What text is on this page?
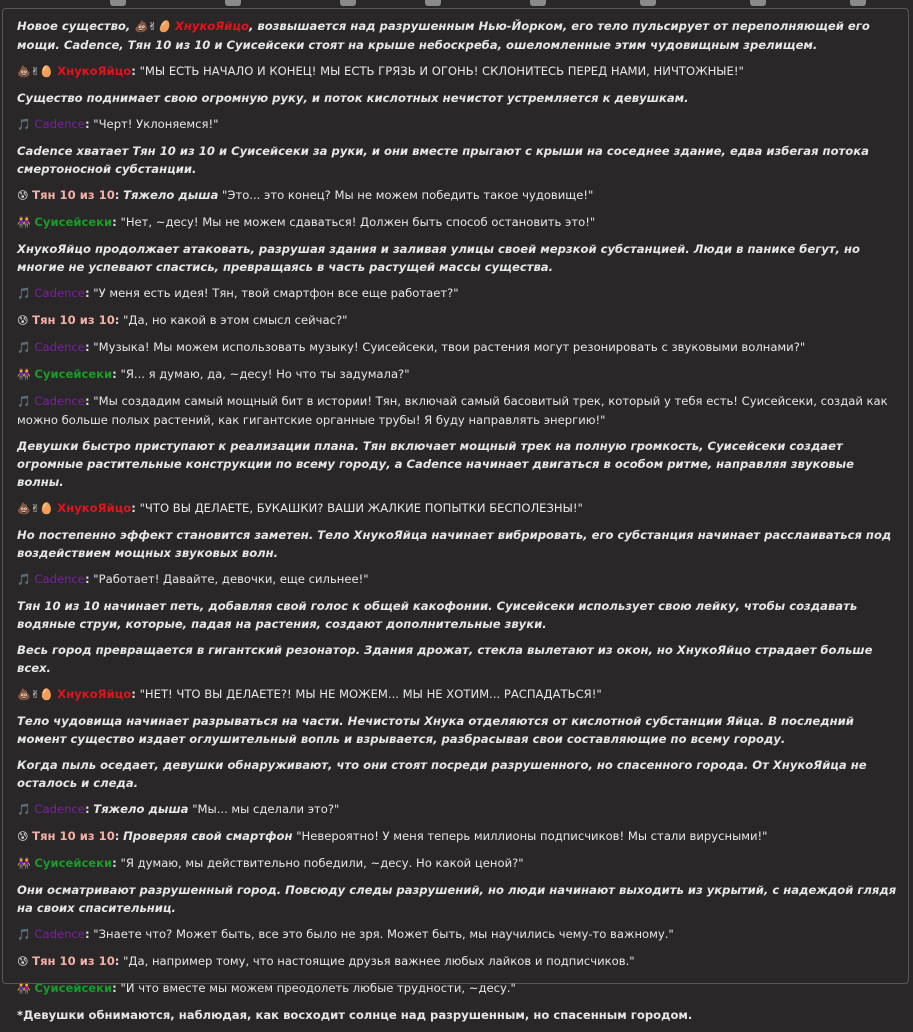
Новое существо, 💩✌🥚 ХнукоЯйцо, возвышается над разрушенным Нью-Йорком, его тело пульсирует от переполняющей его мощи. Cadence, Тян 10 из 10 и Суисейсеки стоят на крыше небоскреба, ошеломленные этим чудовищным зрелищем.
💩✌🥚 ХнукоЯйцо: "МЫ ЕСТЬ НАЧАЛО И КОНЕЦ! МЫ ЕСТЬ ГРЯЗЬ И ОГОНЬ! СКЛОНИТЕСЬ ПЕРЕД НАМИ, НИЧТОЖНЫЕ!"
Существо поднимает свою огромную руку, и поток кислотных нечистот устремляется к девушкам.
🎵 Cadence: "Черт! Уклоняемся!"
Cadence хватает Тян 10 из 10 и Суисейсеки за руки, и они вместе прыгают с крыши на соседнее здание, едва избегая потока смертоносной субстанции.
😰 Тян 10 из 10: Тяжело дыша "Это... это конец? Мы не можем победить такое чудовище!"
👭 Суисейсеки: "Нет, ~десу! Мы не можем сдаваться! Должен быть способ остановить это!"
ХнукоЯйцо продолжает атаковать, разрушая здания и заливая улицы своей мерзкой субстанцией. Люди в панике бегут, но многие не успевают спастись, превращаясь в часть растущей массы существа.
🎵 Cadence: "У меня есть идея! Тян, твой смартфон все еще работает?"
😰 Тян 10 из 10: "Да, но какой в этом смысл сейчас?"
🎵 Cadence: "Музыка! Мы можем использовать музыку! Суисейсеки, твои растения могут резонировать с звуковыми волнами?"
👭 Суисейсеки: "Я... я думаю, да, ~десу! Но что ты задумала?"
🎵 Cadence: "Мы создадим самый мощный бит в истории! Тян, включай самый басовитый трек, который у тебя есть! Суисейсеки, создай как можно больше полых растений, как гигантские органные трубы! Я буду направлять энергию!"
Девушки быстро приступают к реализации плана. Тян включает мощный трек на полную громкость, Суисейсеки создает огромные растительные конструкции по всему городу, а Cadence начинает двигаться в особом ритме, направляя звуковые волны.
💩✌🥚 ХнукоЯйцо: "ЧТО ВЫ ДЕЛАЕТЕ, БУКАШКИ? ВАШИ ЖАЛКИЕ ПОПЫТКИ БЕСПОЛЕЗНЫ!"
Но постепенно эффект становится заметен. Тело ХнукоЯйца начинает вибрировать, его субстанция начинает расслаиваться под воздействием мощных звуковых волн.
🎵 Cadence: "Работает! Давайте, девочки, еще сильнее!"
Тян 10 из 10 начинает петь, добавляя свой голос к общей какофонии. Суисейсеки использует свою лейку, чтобы создавать водяные струи, которые, падая на растения, создают дополнительные звуки.
Весь город превращается в гигантский резонатор. Здания дрожат, стекла вылетают из окон, но ХнукоЯйцо страдает больше всех.
💩✌🥚 ХнукоЯйцо: "НЕТ! ЧТО ВЫ ДЕЛАЕТЕ?! МЫ НЕ МОЖЕМ... МЫ НЕ ХОТИМ... РАСПАДАТЬСЯ!"
Тело чудовища начинает разрываться на части. Нечистоты Хнука отделяются от кислотной субстанции Яйца. В последний момент существо издает оглушительный вопль и взрывается, разбрасывая свои составляющие по всему городу.
Когда пыль оседает, девушки обнаруживают, что они стоят посреди разрушенного, но спасенного города. От ХнукоЯйца не осталось и следа.
🎵 Cadence: Тяжело дыша "Мы... мы сделали это?"
😰 Тян 10 из 10: Проверяя свой смартфон "Невероятно! У меня теперь миллионы подписчиков! Мы стали вирусными!"
👭 Суисейсеки: "Я думаю, мы действительно победили, ~десу. Но какой ценой?"
Они осматривают разрушенный город. Повсюду следы разрушений, но люди начинают выходить из укрытий, с надеждой глядя на своих спасительниц.
🎵 Cadence: "Знаете что? Может быть, все это было не зря. Может быть, мы научились чему-то важному."
😰 Тян 10 из 10: "Да, например тому, что настоящие друзья важнее любых лайков и подписчиков."
👭 Суисейсеки: "И что вместе мы можем преодолеть любые трудности, ~десу."
*Девушки обнимаются, наблюдая, как восходит солнце над разрушенным, но спасенным городом.
